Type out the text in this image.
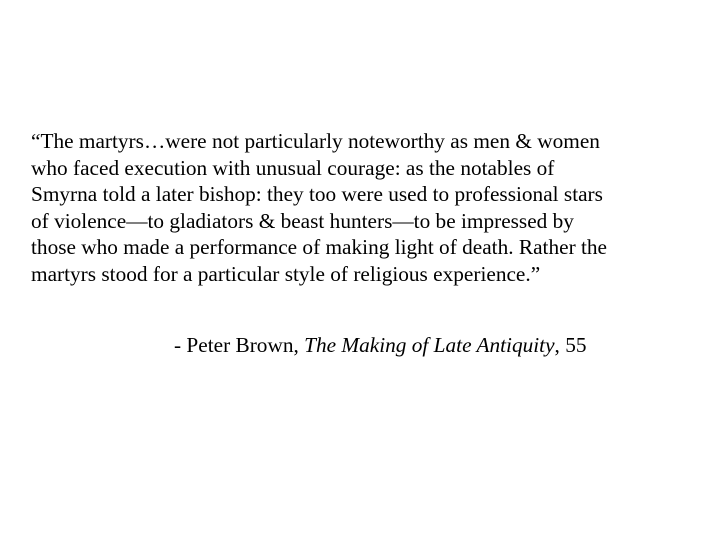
“The martyrs…were not particularly noteworthy as men & women
who faced execution with unusual courage: as the notables of
Smyrna told a later bishop: they too were used to professional stars
of violence—to gladiators & beast hunters—to be impressed by
those who made a performance of making light of death. Rather the
martyrs stood for a particular style of religious experience.”
- Peter Brown, The Making of Late Antiquity, 55
